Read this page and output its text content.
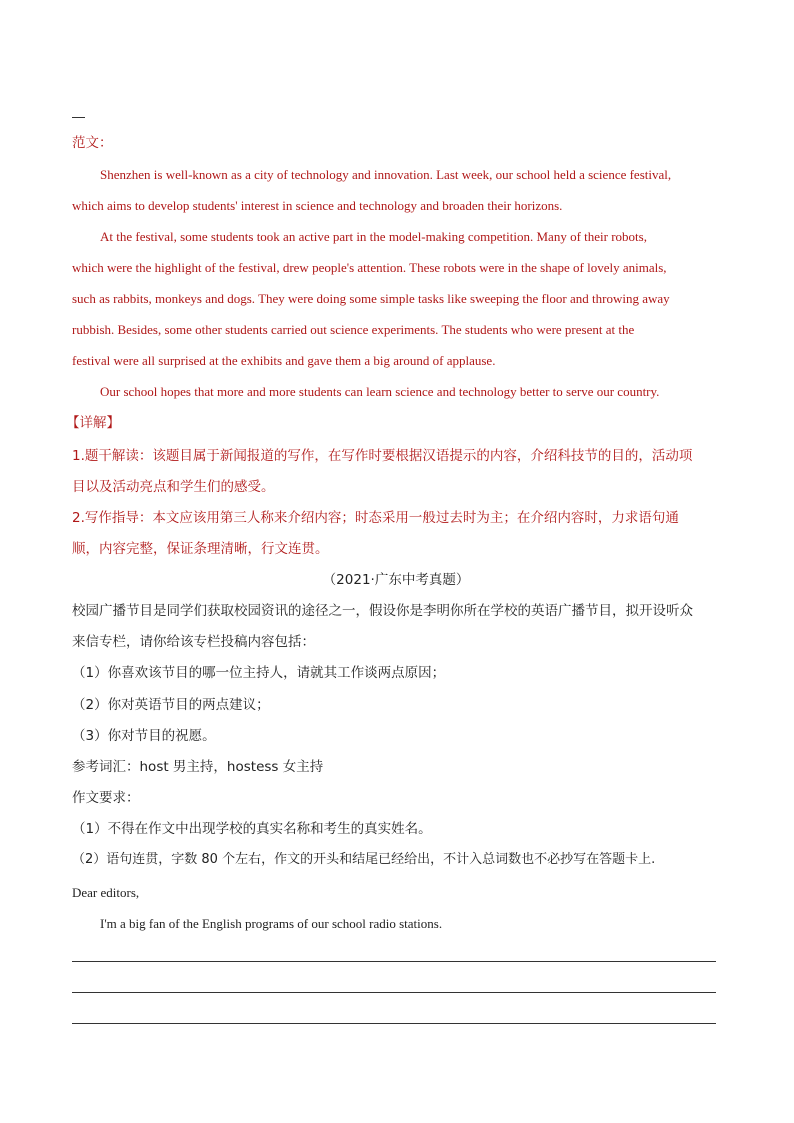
范文：
Shenzhen is well-known as a city of technology and innovation. Last week, our school held a science festival,
which aims to develop students' interest in science and technology and broaden their horizons.
At the festival, some students took an active part in the model-making competition. Many of their robots,
which were the highlight of the festival, drew people's attention. These robots were in the shape of lovely animals,
such as rabbits, monkeys and dogs. They were doing some simple tasks like sweeping the floor and throwing away
rubbish. Besides, some other students carried out science experiments. The students who were present at the
festival were all surprised at the exhibits and gave them a big around of applause.
Our school hopes that more and more students can learn science and technology better to serve our country.
【详解】
1.题干解读：该题目属于新闻报道的写作，在写作时要根据汉语提示的内容，介绍科技节的目的，活动项
目以及活动亮点和学生们的感受。
2.写作指导：本文应该用第三人称来介绍内容；时态采用一般过去时为主；在介绍内容时，力求语句通
顺，内容完整，保证条理清晰，行文连贯。
（2021·广东中考真题）
校园广播节目是同学们获取校园资讯的途径之一，假设你是李明你所在学校的英语广播节目，拟开设听众
来信专栏，请你给该专栏投稿内容包括：
（1）你喜欢该节目的哪一位主持人，请就其工作谈两点原因；
（2）你对英语节目的两点建议；
（3）你对节目的祝愿。
参考词汇：host 男主持，hostess 女主持
作文要求：
（1）不得在作文中出现学校的真实名称和考生的真实姓名。
（2）语句连贯，字数 80 个左右，作文的开头和结尾已经给出，不计入总词数也不必抄写在答题卡上.
Dear editors,
I'm a big fan of the English programs of our school radio stations.
